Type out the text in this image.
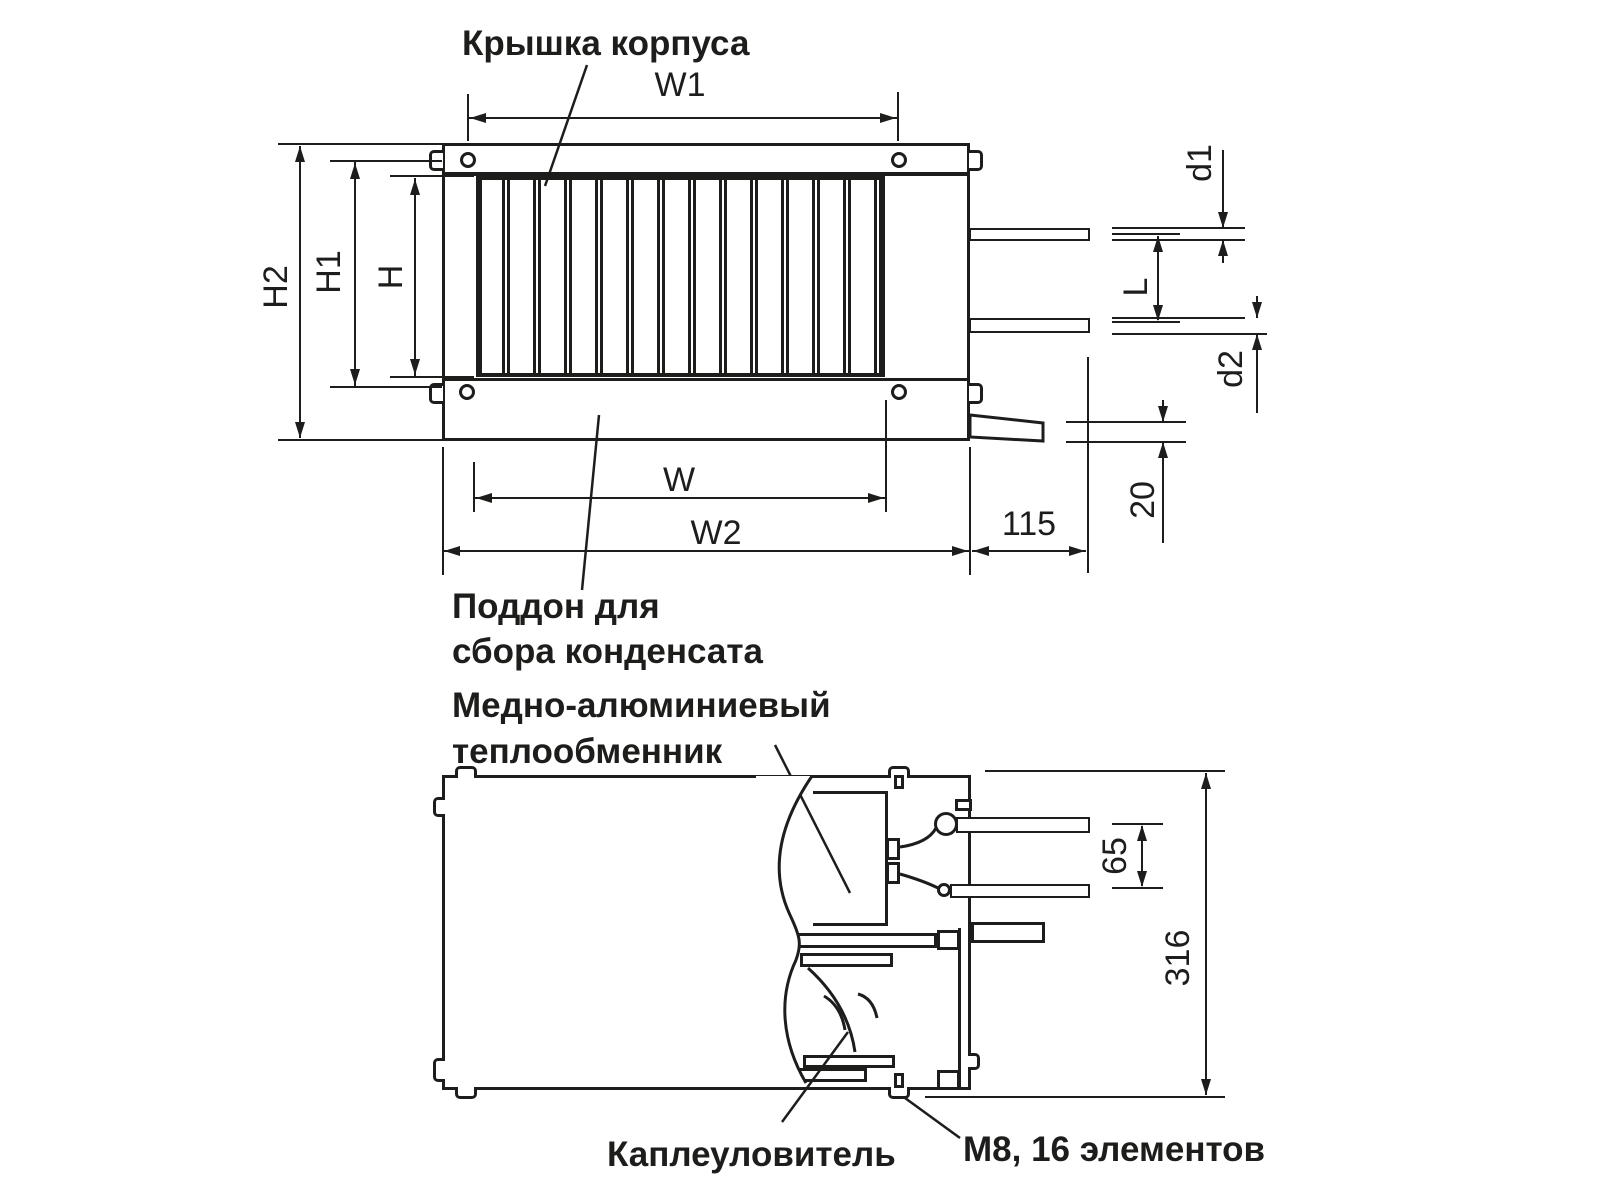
W1
H2 H1 H
W
W2	115
20
d1
L
d2
Крышка корпуса
Поддон для
сбора конденсата
65
316
Медно-алюминиевый
теплообменник
Каплеуловитель М8, 16 элементов
